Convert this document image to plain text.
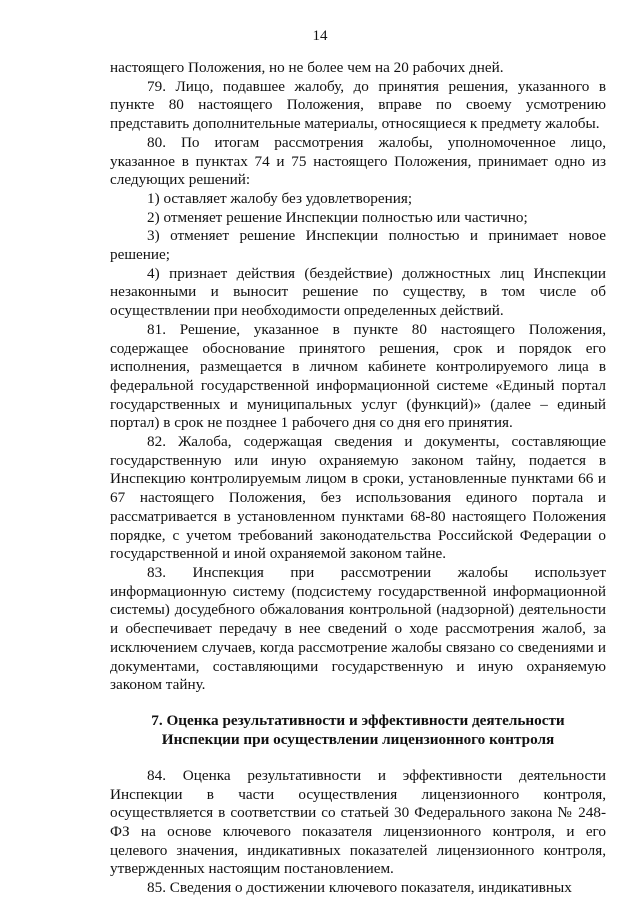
14

настоящего Положения, но не более чем на 20 рабочих дней.

79. Лицо, подавшее жалобу, до принятия решения, указанного в пункте 80 настоящего Положения, вправе по своему усмотрению представить дополнительные материалы, относящиеся к предмету жалобы.

80. По итогам рассмотрения жалобы, уполномоченное лицо, указанное в пунктах 74 и 75 настоящего Положения, принимает одно из следующих решений:

1) оставляет жалобу без удовлетворения;

2) отменяет решение Инспекции полностью или частично;

3) отменяет решение Инспекции полностью и принимает новое решение;

4) признает действия (бездействие) должностных лиц Инспекции незаконными и выносит решение по существу, в том числе об осуществлении при необходимости определенных действий.

81. Решение, указанное в пункте 80 настоящего Положения, содержащее обоснование принятого решения, срок и порядок его исполнения, размещается в личном кабинете контролируемого лица в федеральной государственной информационной системе «Единый портал государственных и муниципальных услуг (функций)» (далее – единый портал) в срок не позднее 1 рабочего дня со дня его принятия.

82. Жалоба, содержащая сведения и документы, составляющие государственную или иную охраняемую законом тайну, подается в Инспекцию контролируемым лицом в сроки, установленные пунктами 66 и 67 настоящего Положения, без использования единого портала и рассматривается в установленном пунктами 68-80 настоящего Положения порядке, с учетом требований законодательства Российской Федерации о государственной и иной охраняемой законом тайне.

83. Инспекция при рассмотрении жалобы использует информационную систему (подсистему государственной информационной системы) досудебного обжалования контрольной (надзорной) деятельности и обеспечивает передачу в нее сведений о ходе рассмотрения жалоб, за исключением случаев, когда рассмотрение жалобы связано со сведениями и документами, составляющими государственную и иную охраняемую законом тайну.

7. Оценка результативности и эффективности деятельности
Инспекции при осуществлении лицензионного контроля

84. Оценка результативности и эффективности деятельности Инспекции в части осуществления лицензионного контроля, осуществляется в соответствии со статьей 30 Федерального закона № 248-ФЗ на основе ключевого показателя лицензионного контроля, и его целевого значения, индикативных показателей лицензионного контроля, утвержденных настоящим постановлением.

85. Сведения о достижении ключевого показателя, индикативных
